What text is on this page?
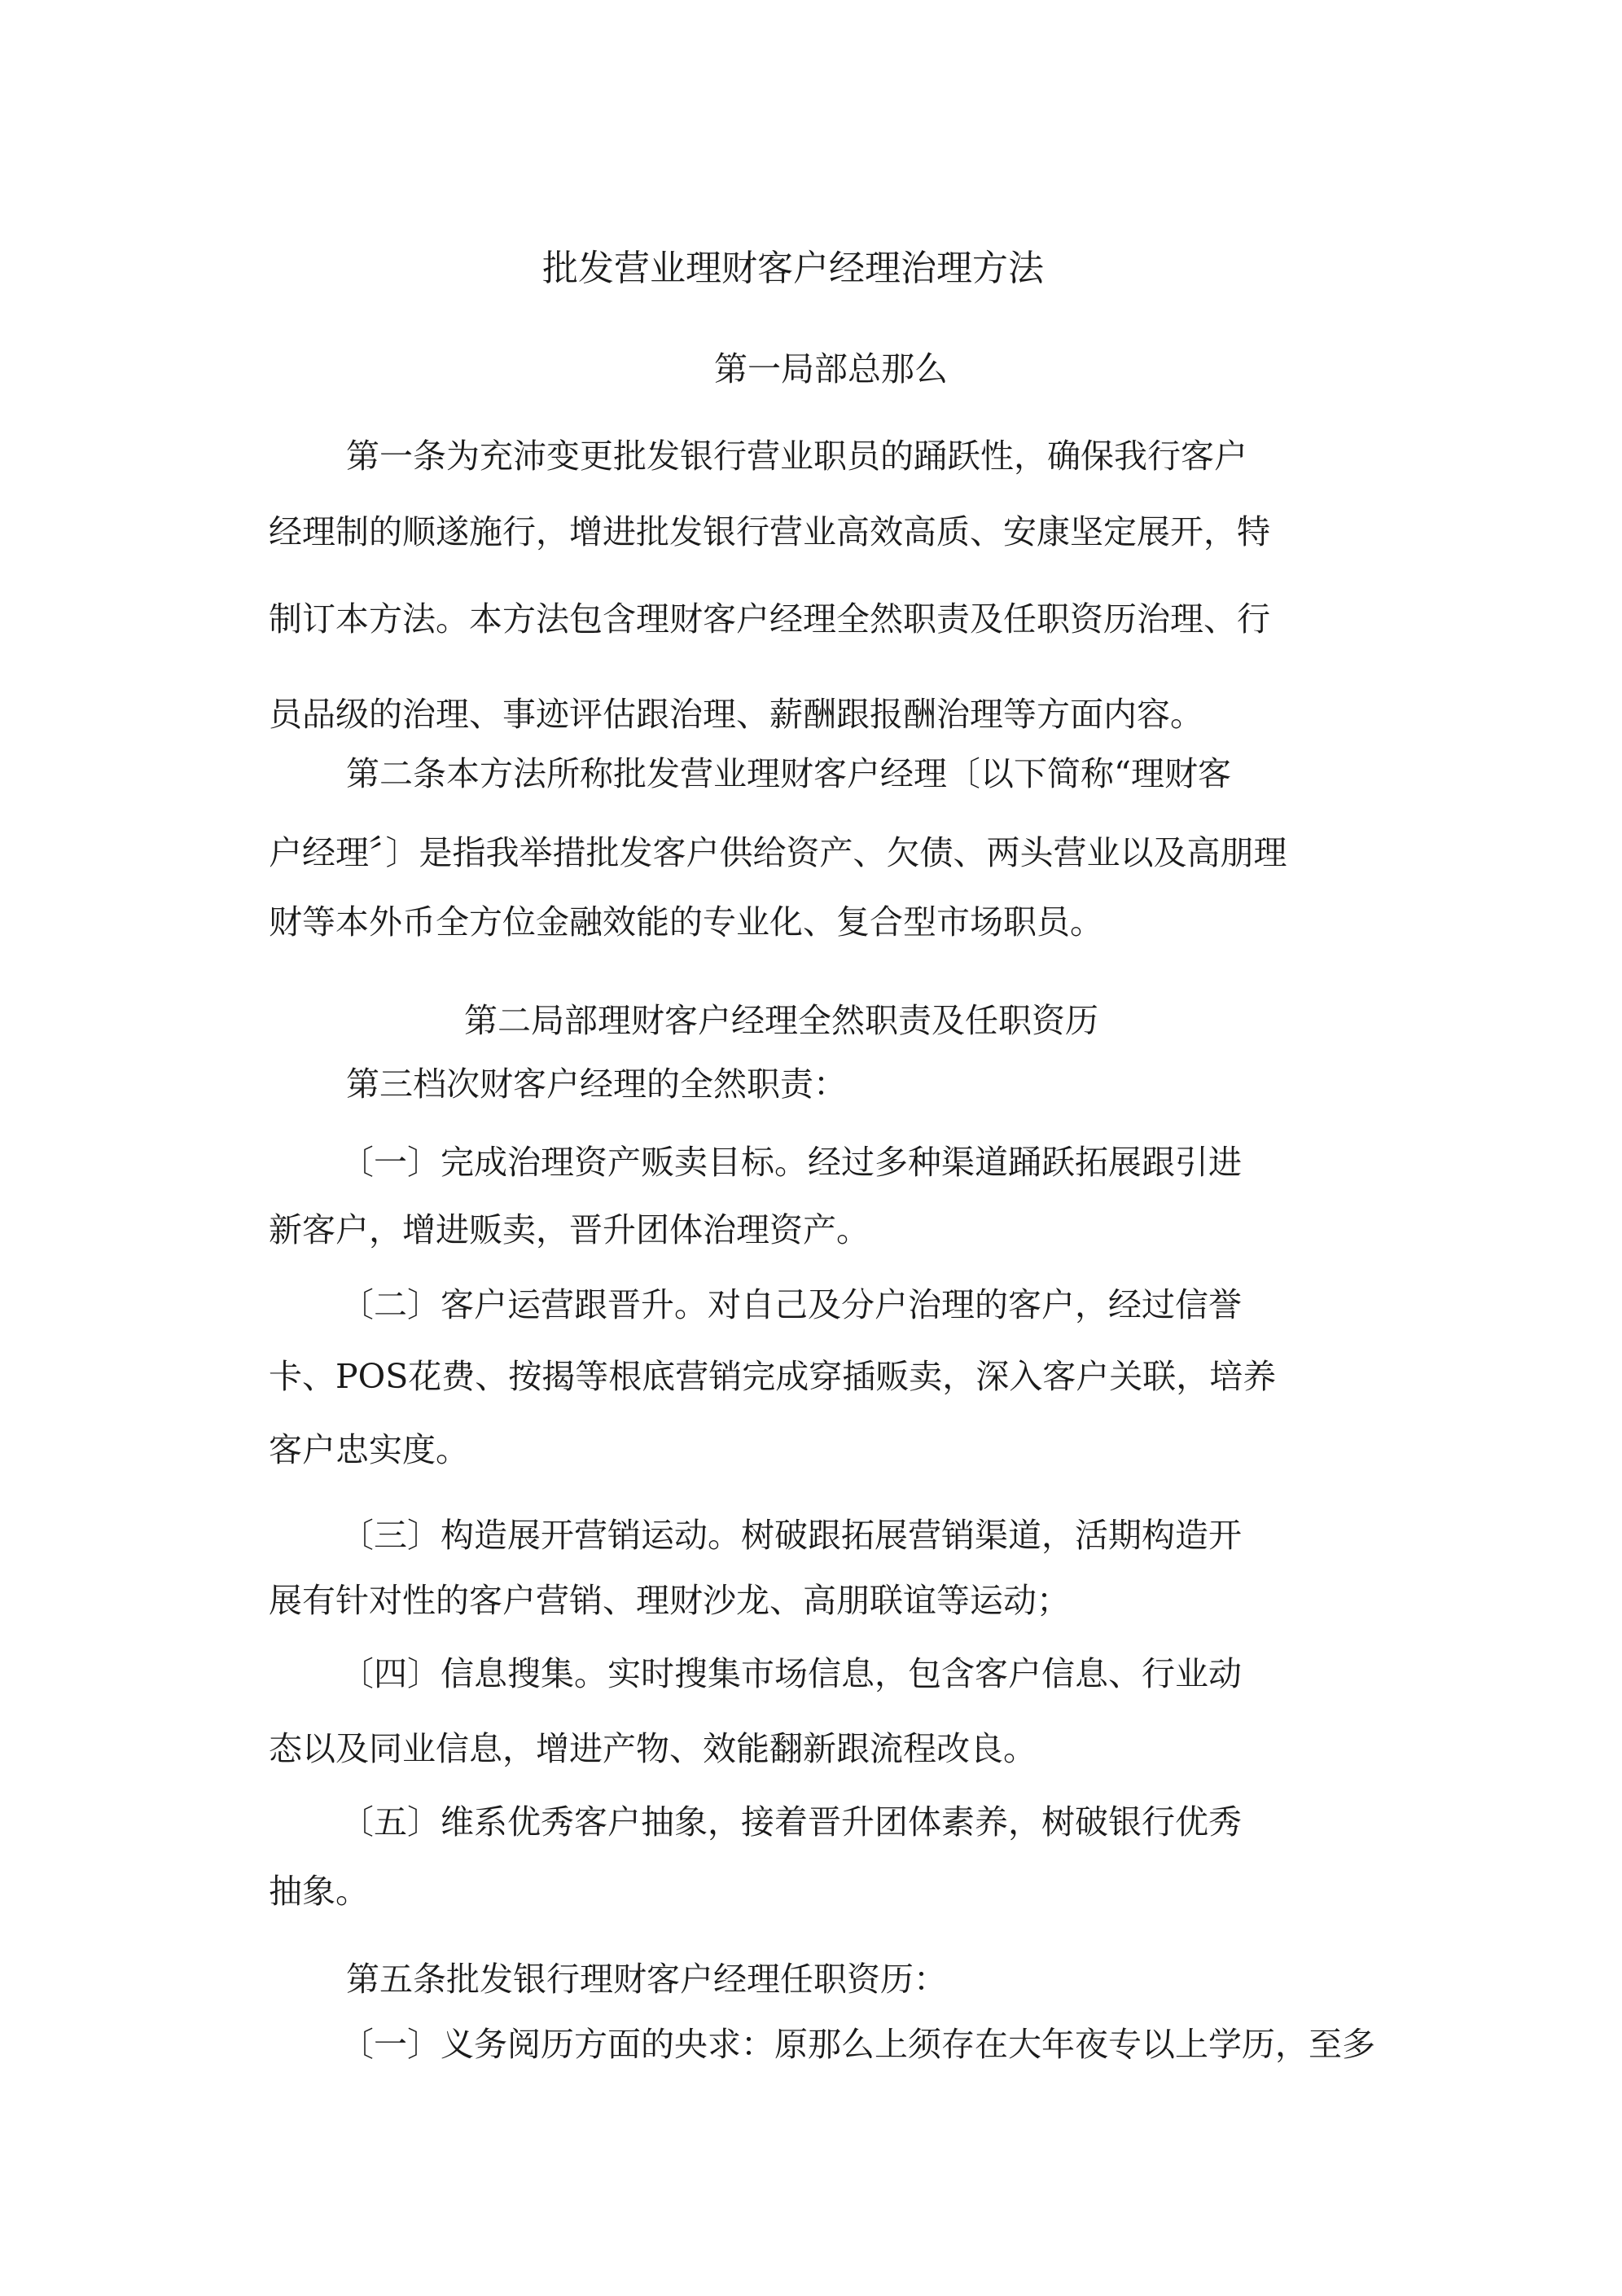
批发营业理财客户经理治理方法
第一局部总那么
第一条为充沛变更批发银行营业职员的踊跃性，确保我行客户
经理制的顺遂施行，增进批发银行营业高效高质、安康坚定展开，特
制订本方法。本方法包含理财客户经理全然职责及任职资历治理、行
员品级的治理、事迹评估跟治理、薪酬跟报酬治理等方面内容。
第二条本方法所称批发营业理财客户经理〔以下简称“理财客
户经理〞〕是指我举措批发客户供给资产、欠债、两头营业以及高朋理
财等本外币全方位金融效能的专业化、复合型市场职员。
第二局部理财客户经理全然职责及任职资历
第三档次财客户经理的全然职责：
〔一〕完成治理资产贩卖目标。经过多种渠道踊跃拓展跟引进
新客户，增进贩卖，晋升团体治理资产。
〔二〕客户运营跟晋升。对自己及分户治理的客户，经过信誉
卡、POS花费、按揭等根底营销完成穿插贩卖，深入客户关联，培养
客户忠实度。
〔三〕构造展开营销运动。树破跟拓展营销渠道，活期构造开
展有针对性的客户营销、理财沙龙、高朋联谊等运动；
〔四〕信息搜集。实时搜集市场信息，包含客户信息、行业动
态以及同业信息，增进产物、效能翻新跟流程改良。
〔五〕维系优秀客户抽象，接着晋升团体素养，树破银行优秀
抽象。
第五条批发银行理财客户经理任职资历：
〔一〕义务阅历方面的央求：原那么上须存在大年夜专以上学历，至多
